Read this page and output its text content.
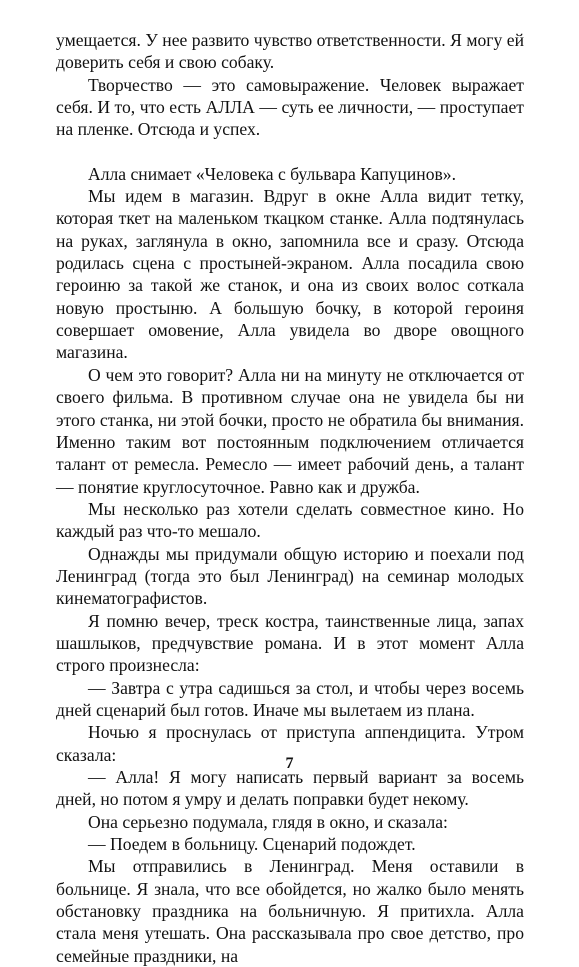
умещается. У нее развито чувство ответственности. Я могу ей доверить себя и свою собаку.

Творчество — это самовыражение. Человек выражает себя. И то, что есть АЛЛА — суть ее личности, — проступает на пленке. Отсюда и успех.

Алла снимает «Человека с бульвара Капуцинов».

Мы идем в магазин. Вдруг в окне Алла видит тетку, которая ткет на маленьком ткацком станке. Алла подтянулась на руках, заглянула в окно, запомнила все и сразу. Отсюда родилась сцена с простыней-экраном. Алла посадила свою героиню за такой же станок, и она из своих волос соткала новую простыню. А большую бочку, в которой героиня совершает омовение, Алла увидела во дворе овощного магазина.

О чем это говорит? Алла ни на минуту не отключается от своего фильма. В противном случае она не увидела бы ни этого станка, ни этой бочки, просто не обратила бы внимания. Именно таким вот постоянным подключением отличается талант от ремесла. Ремесло — имеет рабочий день, а талант — понятие круглосуточное. Равно как и дружба.

Мы несколько раз хотели сделать совместное кино. Но каждый раз что-то мешало.

Однажды мы придумали общую историю и поехали под Ленинград (тогда это был Ленинград) на семинар молодых кинематографистов.

Я помню вечер, треск костра, таинственные лица, запах шашлыков, предчувствие романа. И в этот момент Алла строго произнесла:

— Завтра с утра садишься за стол, и чтобы через восемь дней сценарий был готов. Иначе мы вылетаем из плана.

Ночью я проснулась от приступа аппендицита. Утром сказала:

— Алла! Я могу написать первый вариант за восемь дней, но потом я умру и делать поправки будет некому.

Она серьезно подумала, глядя в окно, и сказала:

— Поедем в больницу. Сценарий подождет.

Мы отправились в Ленинград. Меня оставили в больнице. Я знала, что все обойдется, но жалко было менять обстановку праздника на больничную. Я притихла. Алла стала меня утешать. Она рассказывала про свое детство, про семейные праздники, на

7
